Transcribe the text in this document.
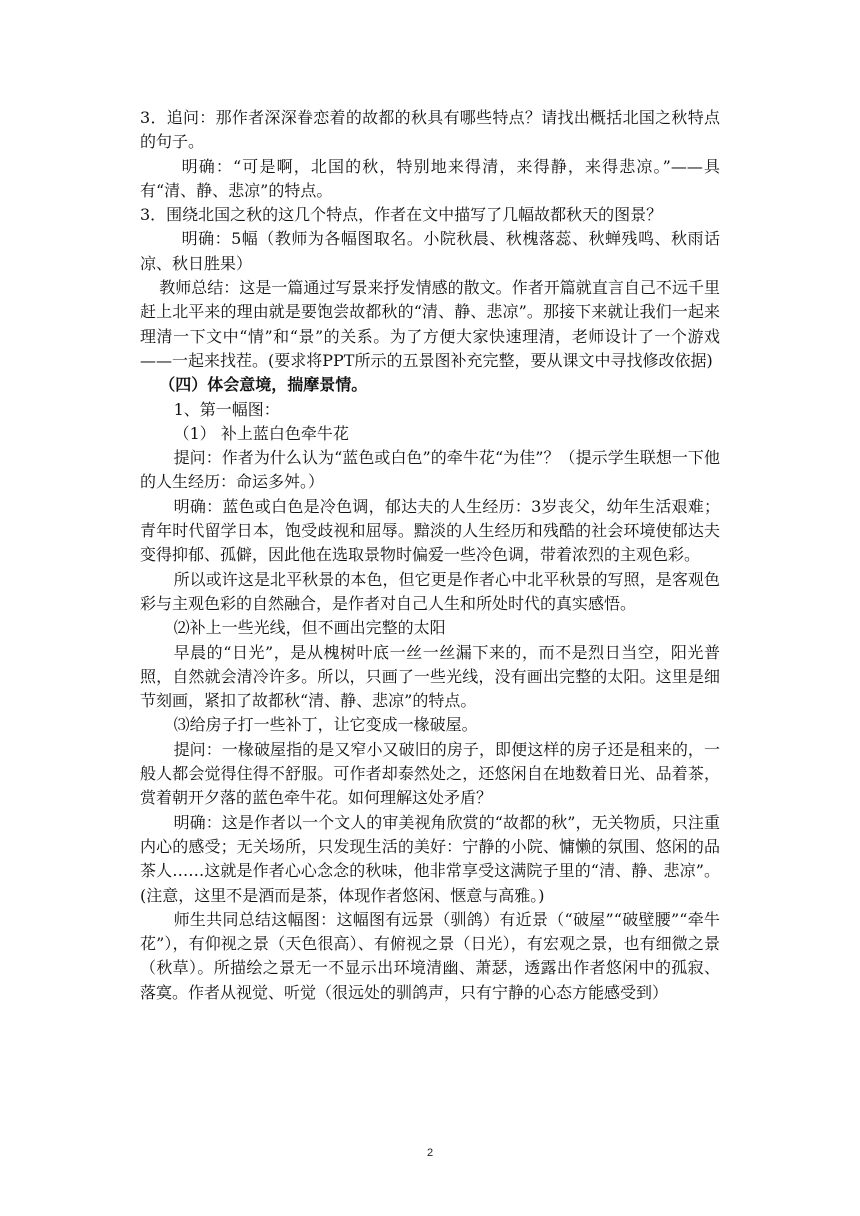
3．追问：那作者深深眷恋着的故都的秋具有哪些特点？请找出概括北国之秋特点的句子。

明确：“可是啊，北国的秋，特别地来得清，来得静，来得悲凉。”——具有“清、静、悲凉”的特点。

3．围绕北国之秋的这几个特点，作者在文中描写了几幅故都秋天的图景？

明确：5幅（教师为各幅图取名。小院秋晨、秋槐落蕊、秋蝉残鸣、秋雨话凉、秋日胜果）

教师总结：这是一篇通过写景来抒发情感的散文。作者开篇就直言自己不远千里赶上北平来的理由就是要饱尝故都秋的“清、静、悲凉”。那接下来就让我们一起来理清一下文中“情”和“景”的关系。为了方便大家快速理清，老师设计了一个游戏——一起来找茬。(要求将PPT所示的五景图补充完整，要从课文中寻找修改依据)

（四）体会意境，揣摩景情。

1、第一幅图：

（1） 补上蓝白色牵牛花

提问：作者为什么认为“蓝色或白色”的牵牛花“为佳”？（提示学生联想一下他的人生经历：命运多舛。）

明确：蓝色或白色是冷色调，郁达夫的人生经历：3岁丧父，幼年生活艰难；青年时代留学日本，饱受歧视和屈辱。黯淡的人生经历和残酷的社会环境使郁达夫变得抑郁、孤僻，因此他在选取景物时偏爱一些冷色调，带着浓烈的主观色彩。

所以或许这是北平秋景的本色，但它更是作者心中北平秋景的写照，是客观色彩与主观色彩的自然融合，是作者对自己人生和所处时代的真实感悟。

⑵补上一些光线，但不画出完整的太阳

早晨的“日光”，是从槐树叶底一丝一丝漏下来的，而不是烈日当空，阳光普照，自然就会清冷许多。所以，只画了一些光线，没有画出完整的太阳。这里是细节刻画，紧扣了故都秋“清、静、悲凉”的特点。

⑶给房子打一些补丁，让它变成一椽破屋。

提问：一椽破屋指的是又窄小又破旧的房子，即便这样的房子还是租来的，一般人都会觉得住得不舒服。可作者却泰然处之，还悠闲自在地数着日光、品着茶，赏着朝开夕落的蓝色牵牛花。如何理解这处矛盾？

明确：这是作者以一个文人的审美视角欣赏的“故都的秋”，无关物质，只注重内心的感受；无关场所，只发现生活的美好：宁静的小院、慵懒的氛围、悠闲的品茶人……这就是作者心心念念的秋味，他非常享受这满院子里的“清、静、悲凉”。(注意，这里不是酒而是茶，体现作者悠闲、惬意与高雅。)

师生共同总结这幅图：这幅图有远景（驯鸽）有近景（“破屋”“破壁腰”“牵牛花”），有仰视之景（天色很高）、有俯视之景（日光），有宏观之景，也有细微之景（秋草）。所描绘之景无一不显示出环境清幽、萧瑟，透露出作者悠闲中的孤寂、落寞。作者从视觉、听觉（很远处的驯鸽声，只有宁静的心态方能感受到）

2
